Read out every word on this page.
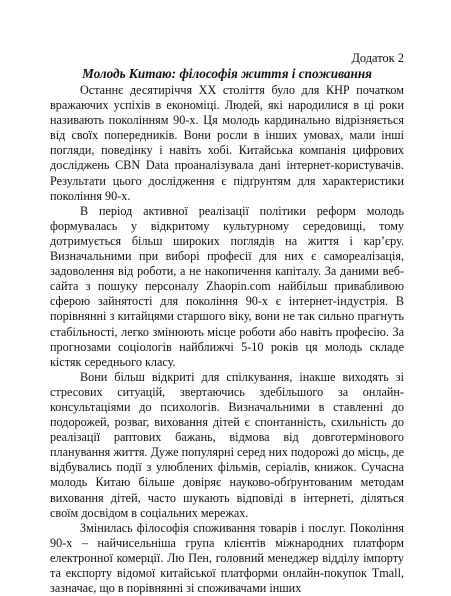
Додаток 2

Молодь Китаю: філософія життя і споживання

Останнє десятиріччя XX століття було для КНР початком вражаючих успіхів в економіці. Людей, які народилися в ці роки називають поколінням 90-х. Ця молодь кардинально відрізняється від своїх попередників. Вони росли в інших умовах, мали інші погляди, поведінку і навіть хобі. Китайська компанія цифрових досліджень CBN Data проаналізувала дані інтернет-користувачів. Результати цього дослідження є підґрунтям для характеристики покоління 90-х.

В період активної реалізації політики реформ молодь формувалась у відкритому культурному середовищі, тому дотримується більш широких поглядів на життя і кар’єру. Визначальними при виборі професії для них є самореалізація, задоволення від роботи, а не накопичення капіталу. За даними веб-сайта з пошуку персоналу Zhaopin.com найбільш привабливою сферою зайнятості для покоління 90-х є інтернет-індустрія. В порівнянні з китайцями старшого віку, вони не так сильно прагнуть стабільності, легко змінюють місце роботи або навіть професію. За прогнозами соціологів найближчі 5-10 років ця молодь складе кістяк середнього класу.

Вони більш відкриті для спілкування, інакше виходять зі стресових ситуацій, звертаючись здебільшого за онлайн-консультаціями до психологів. Визначальними в ставленні до подорожей, розваг, виховання дітей є спонтанність, схильність до реалізації раптових бажань, відмова від довготермінового планування життя. Дуже популярні серед них подорожі до місць, де відбувались події з улюблених фільмів, серіалів, книжок. Сучасна молодь Китаю більше довіряє науково-обґрунтованим методам виховання дітей, часто шукають відповіді в інтернеті, діляться своїм досвідом в соціальних мережах.

Змінилась філософія споживання товарів і послуг. Покоління 90-х – найчисельніша група клієнтів міжнародних платформ електронної комерції. Лю Пен, головний менеджер відділу імпорту та експорту відомої китайської платформи онлайн-покупок Tmall, зазначає, що в порівнянні зі споживачами інших
